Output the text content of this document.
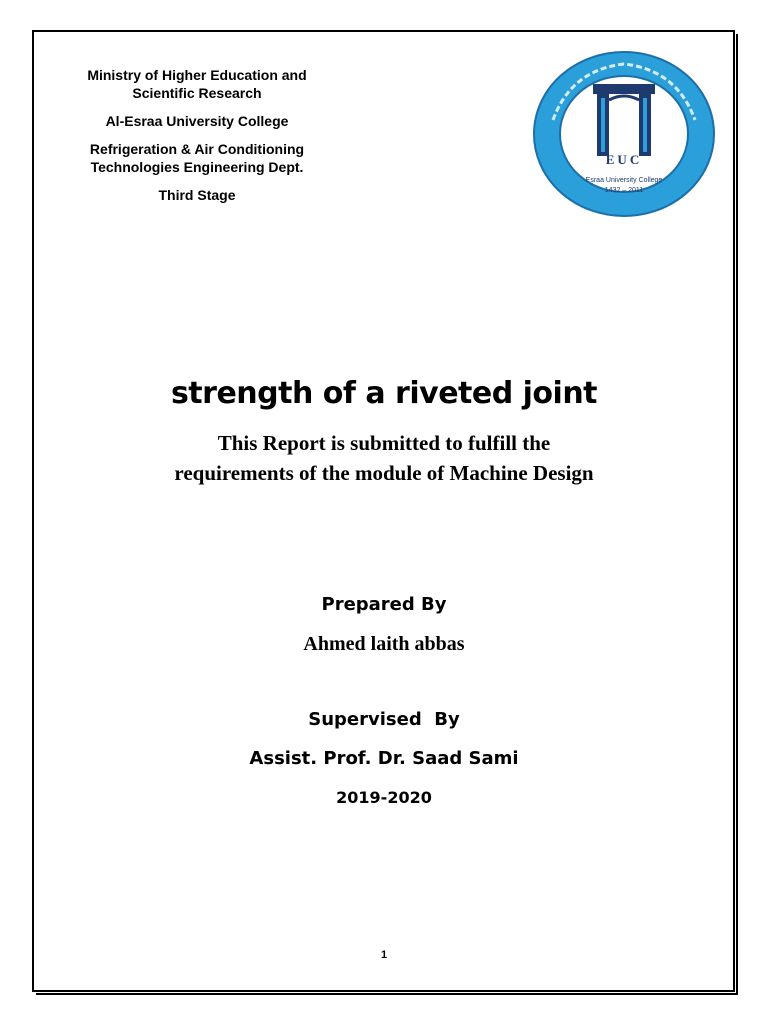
Ministry of Higher Education and
Scientific Research
Al-Esraa University College
Refrigeration & Air Conditioning
Technologies Engineering Dept.
Third Stage
EUC
Esraa University College
1432 – 2011
strength of a riveted joint
This Report is submitted to fulfill the
requirements of the module of Machine Design
Prepared By
Ahmed laith abbas
Supervised  By
Assist. Prof. Dr. Saad Sami
2019-2020
1
